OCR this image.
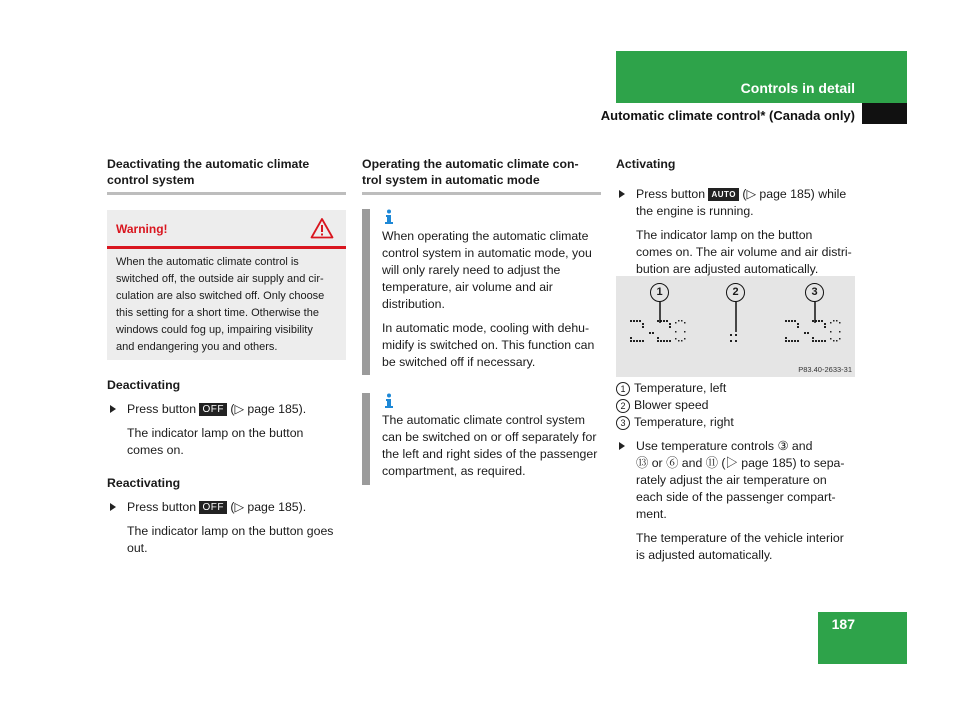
Controls in detail
Automatic climate control* (Canada only)
Deactivating the automatic climate
control system
Warning!
When the automatic climate control is
switched off, the outside air supply and cir-
culation are also switched off. Only choose
this setting for a short time. Otherwise the
windows could fog up, impairing visibility
and endangering you and others.
Deactivating
Press button OFF (▷ page 185).
The indicator lamp on the button
comes on.
Reactivating
Press button OFF (▷ page 185).
The indicator lamp on the button goes
out.
Operating the automatic climate con-
trol system in automatic mode
When operating the automatic climate
control system in automatic mode, you
will only rarely need to adjust the
temperature, air volume and air
distribution.
In automatic mode, cooling with dehu-
midify is switched on. This function can
be switched off if necessary.
The automatic climate control system
can be switched on or off separately for
the left and right sides of the passenger
compartment, as required.
Activating
Press button AUTO (▷ page 185) while
the engine is running.
The indicator lamp on the button
comes on. The air volume and air distri-
bution are adjusted automatically.
1	2	3
P83.40-2633-31
1 Temperature, left
2 Blower speed
3 Temperature, right
Use temperature controls ③ and
⑬ or ⑥ and ⑪ (▷ page 185) to sepa-
rately adjust the air temperature on
each side of the passenger compart-
ment.
The temperature of the vehicle interior
is adjusted automatically.
187
